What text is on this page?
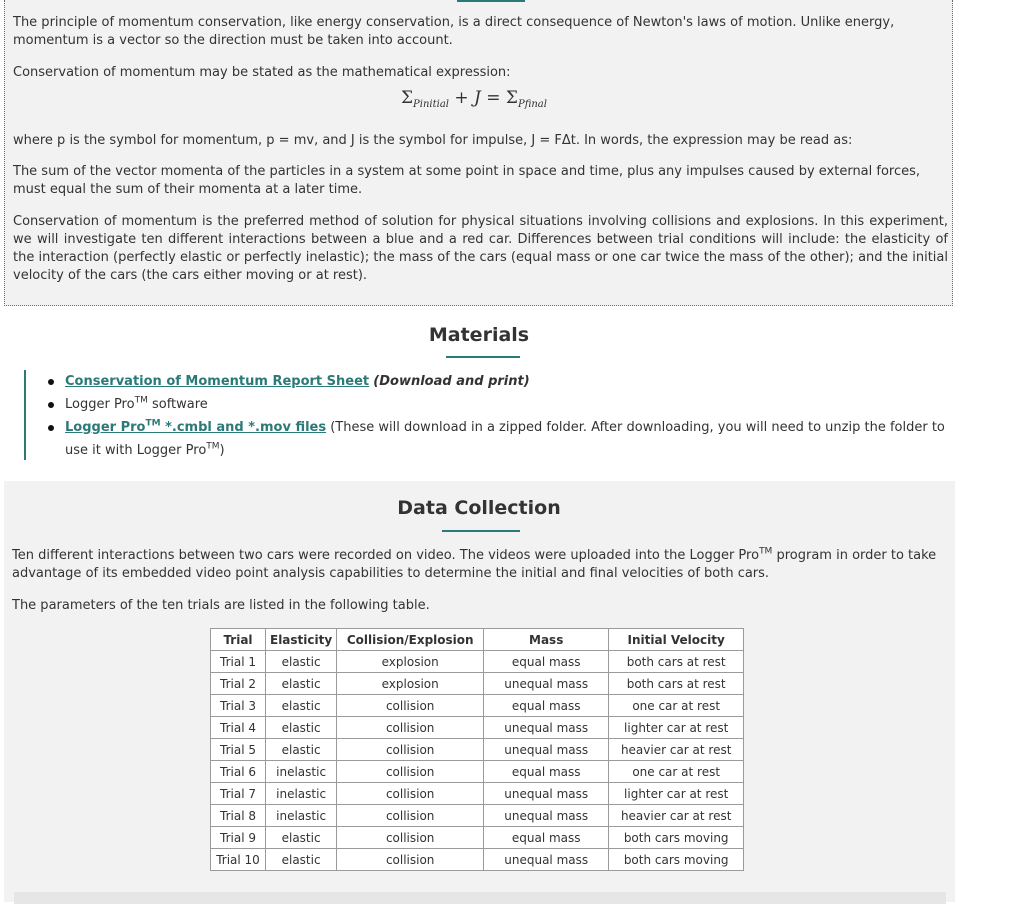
The principle of momentum conservation, like energy conservation, is a direct consequence of Newton's laws of motion. Unlike energy, momentum is a vector so the direction must be taken into account.

Conservation of momentum may be stated as the mathematical expression:

$\Sigma_{Pinitial} + J = \Sigma_{Pfinal}$

where p is the symbol for momentum, p = mv, and J is the symbol for impulse, J = FΔt. In words, the expression may be read as:

The sum of the vector momenta of the particles in a system at some point in space and time, plus any impulses caused by external forces, must equal the sum of their momenta at a later time.

Conservation of momentum is the preferred method of solution for physical situations involving collisions and explosions. In this experiment, we will investigate ten different interactions between a blue and a red car. Differences between trial conditions will include: the elasticity of the interaction (perfectly elastic or perfectly inelastic); the mass of the cars (equal mass or one car twice the mass of the other); and the initial velocity of the cars (the cars either moving or at rest).

Materials
Conservation of Momentum Report Sheet (Download and print)
Logger Pro™ software
Logger Pro™ *.cmbl and *.mov files (These will download in a zipped folder. After downloading, you will need to unzip the folder to use it with Logger Pro™)
Data Collection

Ten different interactions between two cars were recorded on video. The videos were uploaded into the Logger Pro™ program in order to take advantage of its embedded video point analysis capabilities to determine the initial and final velocities of both cars.

The parameters of the ten trials are listed in the following table.

Trial	Elasticity	Collision/Explosion	Mass	Initial Velocity
Trial 1	elastic	explosion	equal mass	both cars at rest
Trial 2	elastic	explosion	unequal mass	both cars at rest
Trial 3	elastic	collision	equal mass	one car at rest
Trial 4	elastic	collision	unequal mass	lighter car at rest
Trial 5	elastic	collision	unequal mass	heavier car at rest
Trial 6	inelastic	collision	equal mass	one car at rest
Trial 7	inelastic	collision	unequal mass	lighter car at rest
Trial 8	inelastic	collision	unequal mass	heavier car at rest
Trial 9	elastic	collision	equal mass	both cars moving
Trial 10	elastic	collision	unequal mass	both cars moving
